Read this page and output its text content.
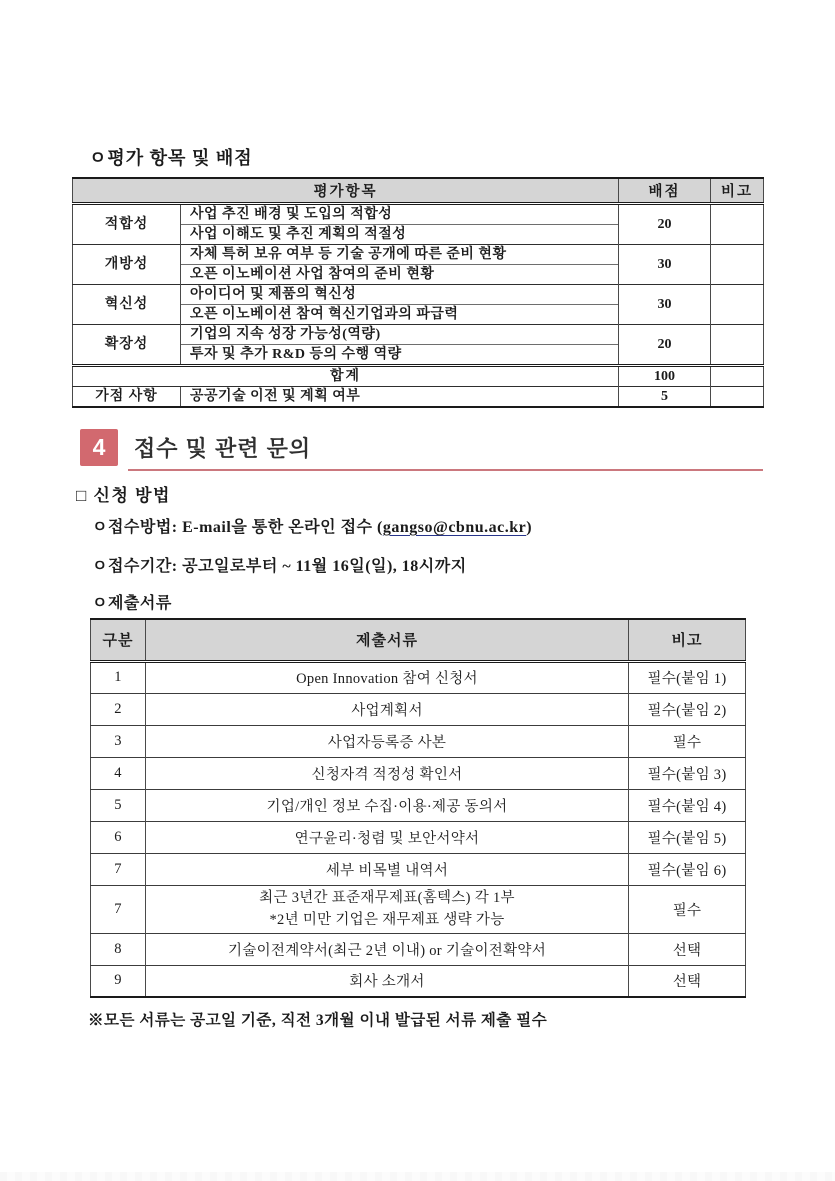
ㅇ평가 항목 및 배점
평가항목		배점	비고
적합성	사업 추진 배경 및 도입의 적합성	20	
	사업 이해도 및 추진 계획의 적절성		
개방성	자체 특허 보유 여부 등 기술 공개에 따른 준비 현황	30	
	오픈 이노베이션 사업 참여의 준비 현황		
혁신성	아이디어 및 제품의 혁신성	30	
	오픈 이노베이션 참여 혁신기업과의 파급력		
확장성	기업의 지속 성장 가능성(역량)	20	
	투자 및 추가 R&D 등의 수행 역량		
합계		100	
가점 사항	공공기술 이전 및 계획 여부	5	
4	접수 및 관련 문의
□ 신청 방법
ㅇ접수방법: E-mail을 통한 온라인 접수 (gangso@cbnu.ac.kr)
ㅇ접수기간: 공고일로부터 ~ 11월 16일(일), 18시까지
ㅇ제출서류
구분	제출서류	비고
1	Open Innovation 참여 신청서	필수(붙임 1)
2	사업계획서	필수(붙임 2)
3	사업자등록증 사본	필수
4	신청자격 적정성 확인서	필수(붙임 3)
5	기업/개인 정보 수집·이용·제공 동의서	필수(붙임 4)
6	연구윤리·청렴 및 보안서약서	필수(붙임 5)
7	세부 비목별 내역서	필수(붙임 6)
7	최근 3년간 표준재무제표(홈텍스) 각 1부
*2년 미만 기업은 재무제표 생략 가능	필수
8	기술이전계약서(최근 2년 이내) or 기술이전확약서	선택
9	회사 소개서	선택
※모든 서류는 공고일 기준, 직전 3개월 이내 발급된 서류 제출 필수
